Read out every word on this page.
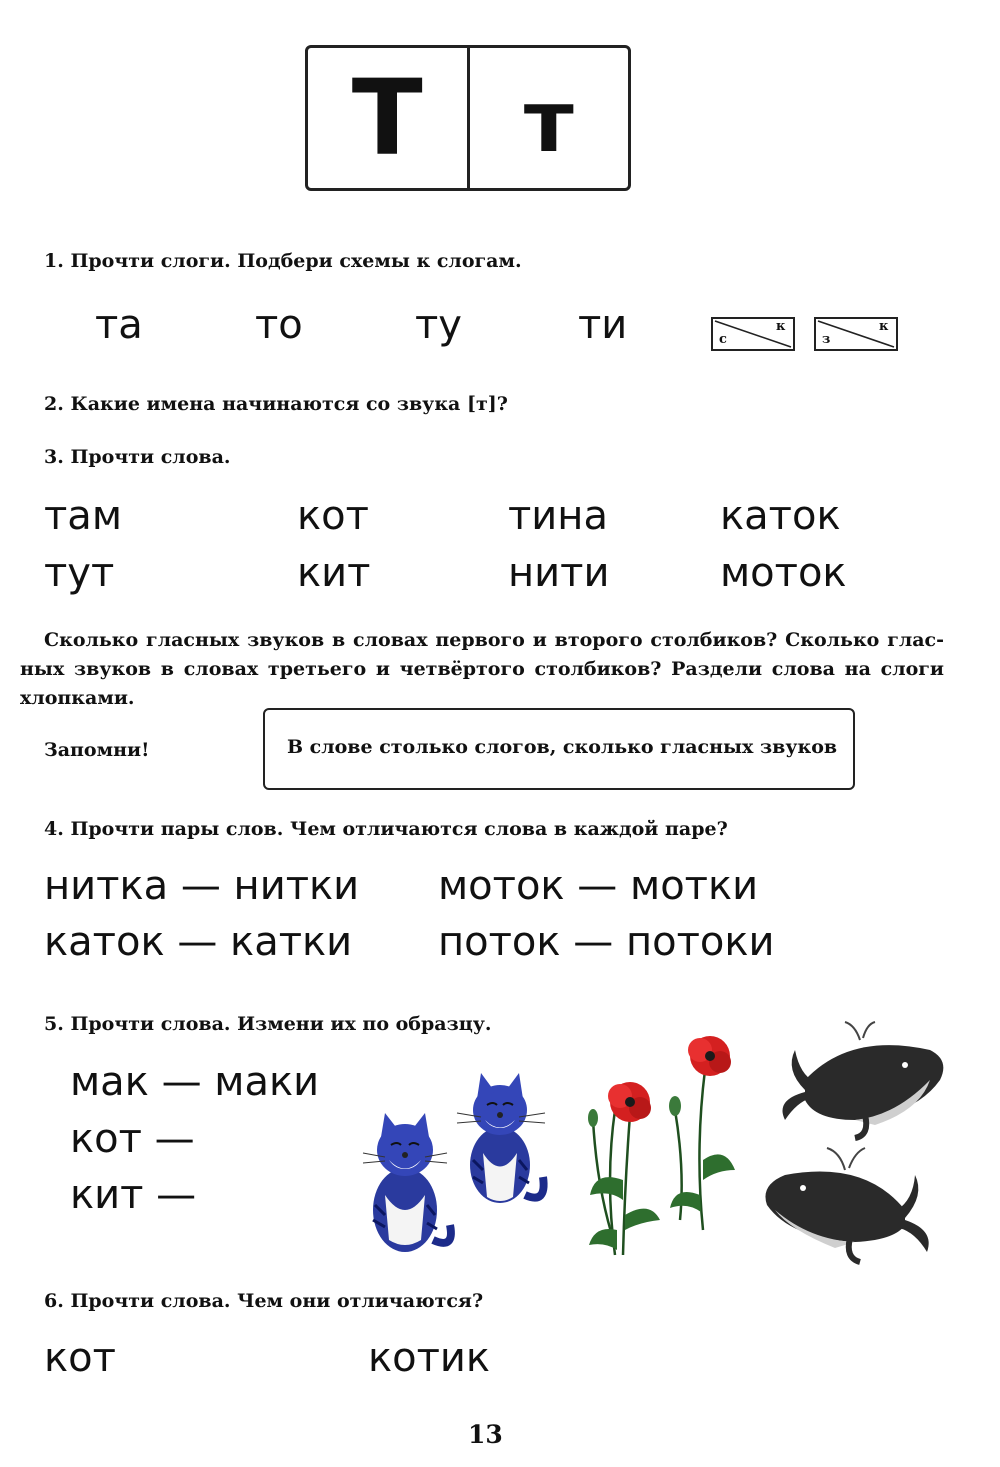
Т	т
1. Прочти слоги. Подбери схемы к слогам.
та	то	ту	ти	с
к
з
к
2. Какие имена начинаются со звука [т]?
3. Прочти слова.
там	кот	тина	каток
тут	кит	нити	моток
Сколько гласных звуков в словах первого и второго столбиков? Сколько глас-
ных звуков в словах третьего и четвёртого столбиков? Раздели слова на слоги
хлопками.
Запомни!	В слове столько слогов, сколько гласных звуков
4. Прочти пары слов. Чем отличаются слова в каждой паре?
нитка — нитки моток — мотки
каток — катки поток — потоки
5. Прочти слова. Измени их по образцу.
мак — маки
кот —
кит —
6. Прочти слова. Чем они отличаются?
кот	котик
13
